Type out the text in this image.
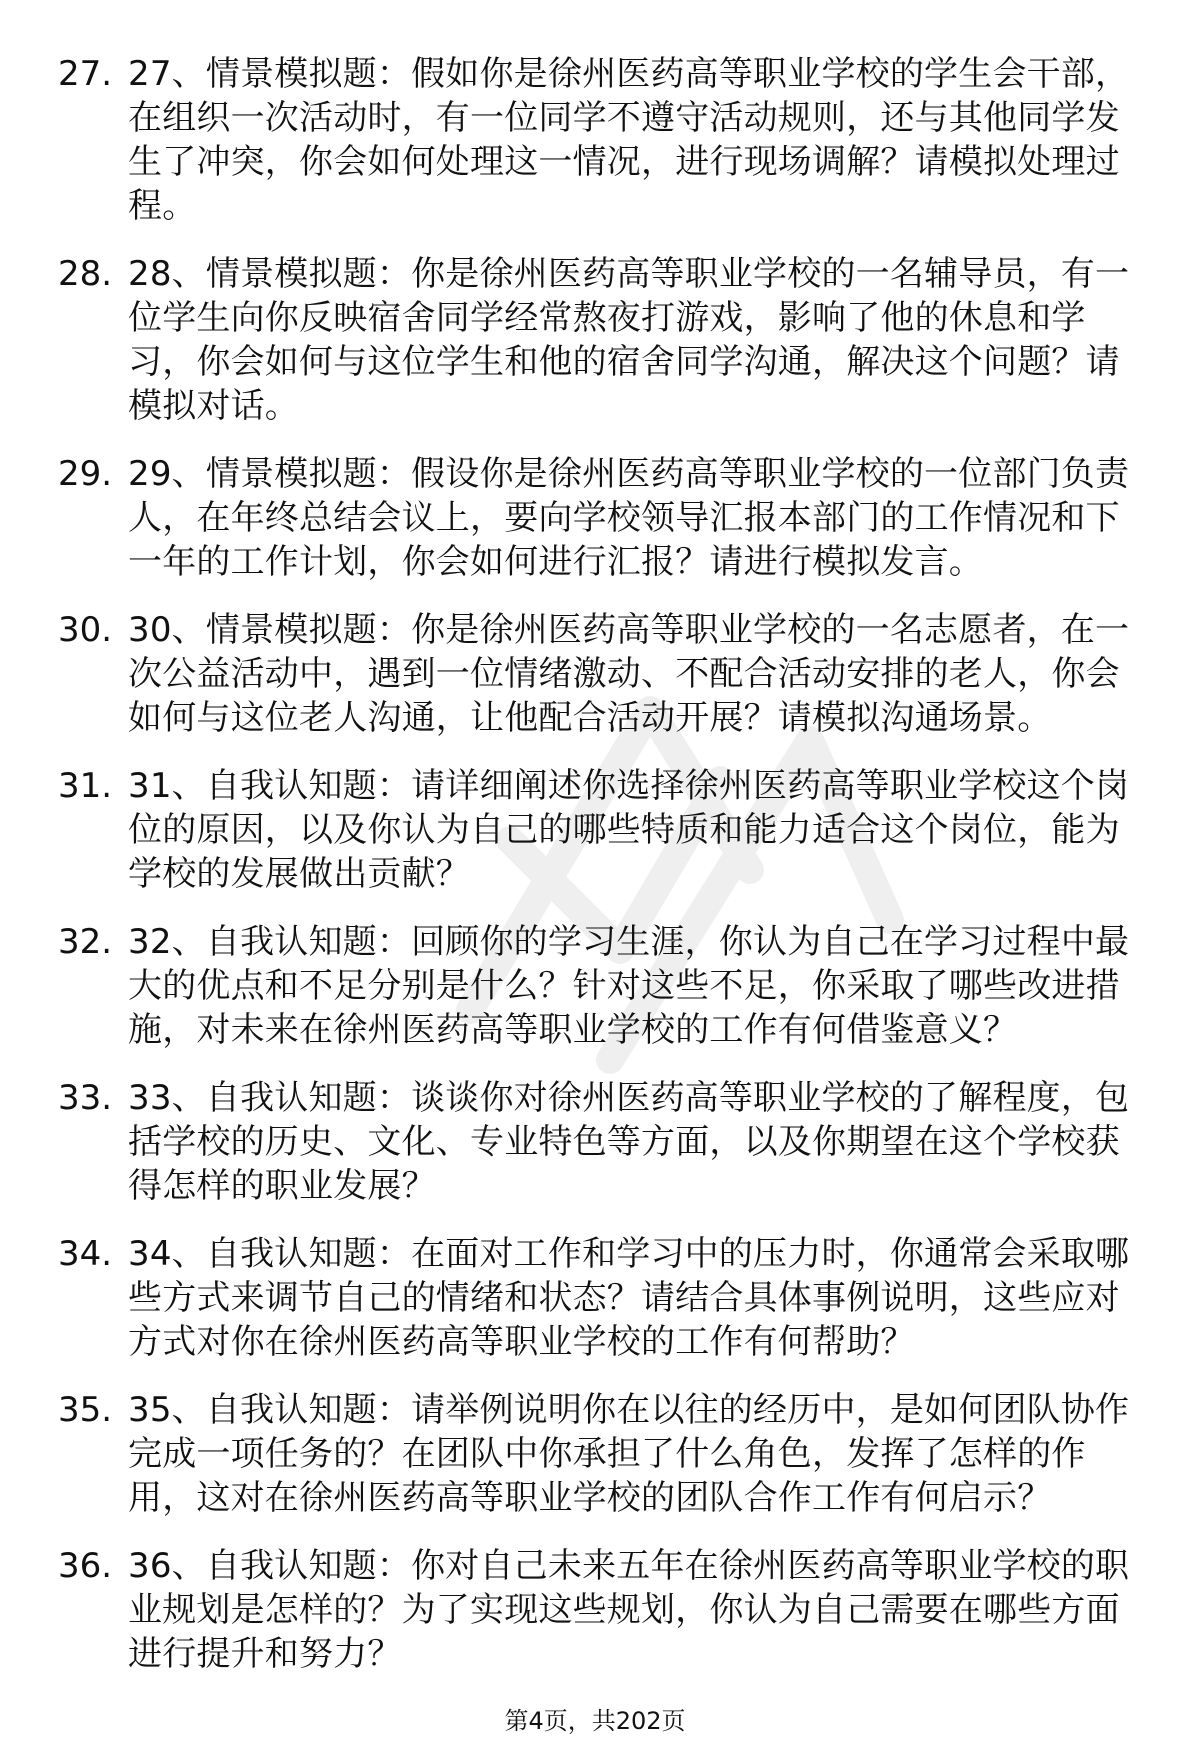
27. 27、情景模拟题：假如你是徐州医药高等职业学校的学生会干部，在组织一次活动时，有一位同学不遵守活动规则，还与其他同学发生了冲突，你会如何处理这一情况，进行现场调解？请模拟处理过程。
28. 28、情景模拟题：你是徐州医药高等职业学校的一名辅导员，有一位学生向你反映宿舍同学经常熬夜打游戏，影响了他的休息和学习，你会如何与这位学生和他的宿舍同学沟通，解决这个问题？请模拟对话。
29. 29、情景模拟题：假设你是徐州医药高等职业学校的一位部门负责人，在年终总结会议上，要向学校领导汇报本部门的工作情况和下一年的工作计划，你会如何进行汇报？请进行模拟发言。
30. 30、情景模拟题：你是徐州医药高等职业学校的一名志愿者，在一次公益活动中，遇到一位情绪激动、不配合活动安排的老人，你会如何与这位老人沟通，让他配合活动开展？请模拟沟通场景。
31. 31、自我认知题：请详细阐述你选择徐州医药高等职业学校这个岗位的原因，以及你认为自己的哪些特质和能力适合这个岗位，能为学校的发展做出贡献？
32. 32、自我认知题：回顾你的学习生涯，你认为自己在学习过程中最大的优点和不足分别是什么？针对这些不足，你采取了哪些改进措施，对未来在徐州医药高等职业学校的工作有何借鉴意义？
33. 33、自我认知题：谈谈你对徐州医药高等职业学校的了解程度，包括学校的历史、文化、专业特色等方面，以及你期望在这个学校获得怎样的职业发展？
34. 34、自我认知题：在面对工作和学习中的压力时，你通常会采取哪些方式来调节自己的情绪和状态？请结合具体事例说明，这些应对方式对你在徐州医药高等职业学校的工作有何帮助？
35. 35、自我认知题：请举例说明你在以往的经历中，是如何团队协作完成一项任务的？在团队中你承担了什么角色，发挥了怎样的作用，这对在徐州医药高等职业学校的团队合作工作有何启示？
36. 36、自我认知题：你对自己未来五年在徐州医药高等职业学校的职业规划是怎样的？为了实现这些规划，你认为自己需要在哪些方面进行提升和努力？
第4页，共202页
